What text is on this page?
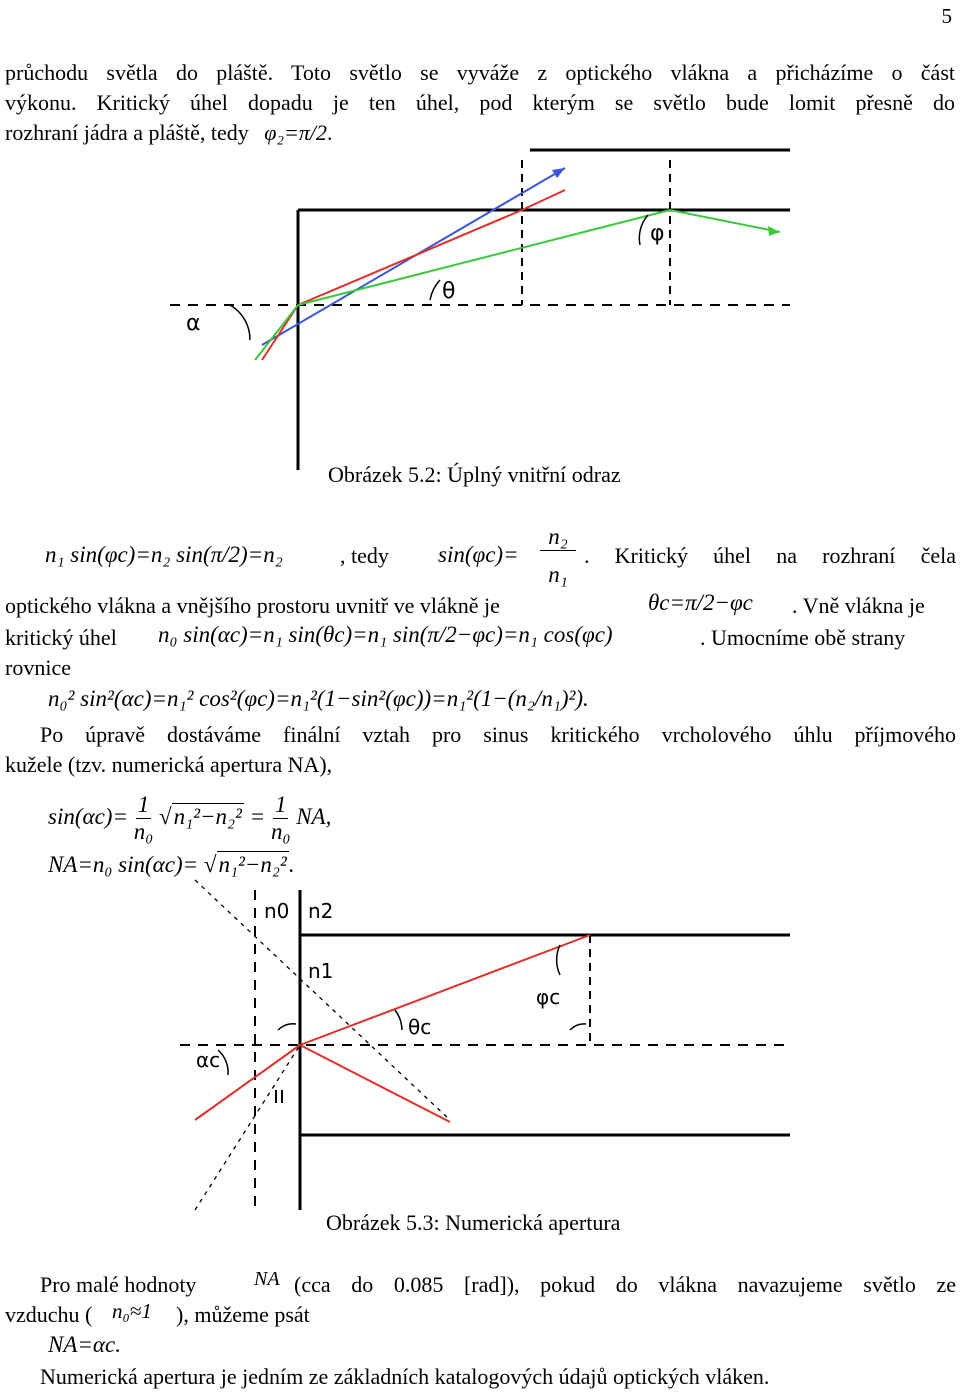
5
průchodu světla do pláště. Toto světlo se vyváže z optického vlákna a přicházíme o část
výkonu. Kritický úhel dopadu je ten úhel, pod kterým se světlo bude lomit přesně do
rozhraní jádra a pláště, tedy φ₂=π/2.
α
θ
φ
Obrázek 5.2: Úplný vnitřní odraz
n₁ sin(φc)=n₂ sin(π/2)=n₂	, tedy sin(φc)=
n₂
n₁
. Kritický úhel na rozhraní čela
optického vlákna a vnějšího prostoru uvnitř ve vlákně je	θc=π/2−φc . Vně vlákna je
kritický úhel n₀ sin(αc)=n₁ sin(θc)=n₁ sin(π/2−φc)=n₁ cos(φc)	. Umocníme obě strany
rovnice
n₀² sin²(αc)=n₁² cos²(φc)=n₁²(1−sin²(φc))=n₁²(1−(n₂/n₁)²).
Po úpravě dostáváme finální vztah pro sinus kritického vrcholového úhlu příjmového
kužele (tzv. numerická apertura NA),
$\sin(\alpha c)= \frac{1}{\text{n₀}} √n_1^2-n_2^2 = \frac{1}{\text{n₀}}$ NA,
NA=n₀ sin(αc)= √n₁²−n₂².
n0 n2
n1
φc
θc
αc
Obrázek 5.3: Numerická apertura
Pro malé hodnoty	NA (cca do 0.085 [rad]), pokud do vlákna navazujeme světlo ze
vzduchu ( n₀≈1 ), můžeme psát
NA=αc.
Numerická apertura je jedním ze základních katalogových údajů optických vláken.
